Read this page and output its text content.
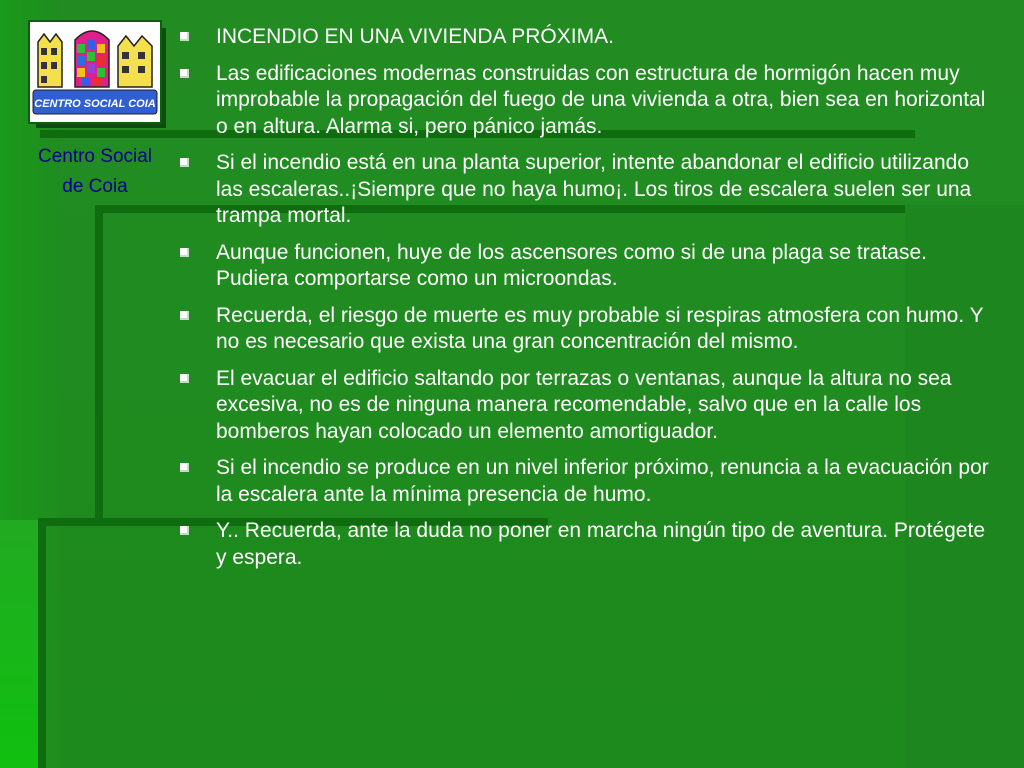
CENTRO SOCIAL COIA
Centro Social
de Coia
INCENDIO EN UNA VIVIENDA PRÓXIMA.
Las edificaciones modernas construidas con estructura de hormigón hacen muy improbable la propagación del fuego de una vivienda a otra, bien sea en horizontal o en altura. Alarma si, pero pánico jamás.
Si el incendio está en una planta superior, intente abandonar el edificio utilizando las escaleras..¡Siempre que no haya humo¡. Los tiros de escalera suelen ser una trampa mortal.
Aunque funcionen, huye de los ascensores como si de una plaga se tratase. Pudiera comportarse como un microondas.
Recuerda, el riesgo de muerte es muy probable si respiras atmosfera con humo. Y no es necesario que exista una gran concentración del mismo.
El evacuar el edificio saltando por terrazas o ventanas, aunque la altura no sea excesiva, no es de ninguna manera recomendable, salvo que en la calle los bomberos hayan colocado un elemento amortiguador.
Si el incendio se produce en un nivel inferior próximo, renuncia a la evacuación por la escalera ante la mínima presencia de humo.
Y.. Recuerda, ante la duda no poner en marcha ningún tipo de aventura. Protégete y espera.
